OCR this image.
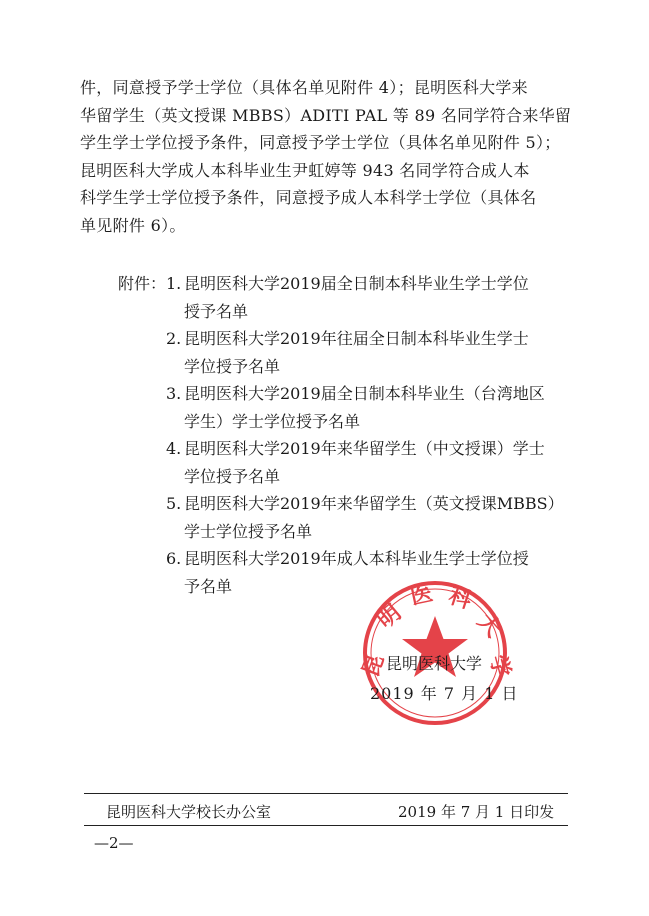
件，同意授予学士学位（具体名单见附件 4）；昆明医科大学来
华留学生（英文授课 MBBS）ADITI PAL 等 89 名同学符合来华留
学生学士学位授予条件，同意授予学士学位（具体名单见附件 5）；
昆明医科大学成人本科毕业生尹虹婷等 943 名同学符合成人本
科学生学士学位授予条件，同意授予成人本科学士学位（具体名
单见附件 6）。
附件： 1. 昆明医科大学2019届全日制本科毕业生学士学位
授予名单
2. 昆明医科大学2019年往届全日制本科毕业生学士
学位授予名单
3. 昆明医科大学2019届全日制本科毕业生（台湾地区
学生）学士学位授予名单
4. 昆明医科大学2019年来华留学生（中文授课）学士
学位授予名单
5. 昆明医科大学2019年来华留学生（英文授课MBBS）
学士学位授予名单
6. 昆明医科大学2019年成人本科毕业生学士学位授
予名单
昆
明
医 科
大
学
昆明医科大学
2019 年 7 月 1 日
昆明医科大学校长办公室	2019 年 7 月 1 日印发
—2—
